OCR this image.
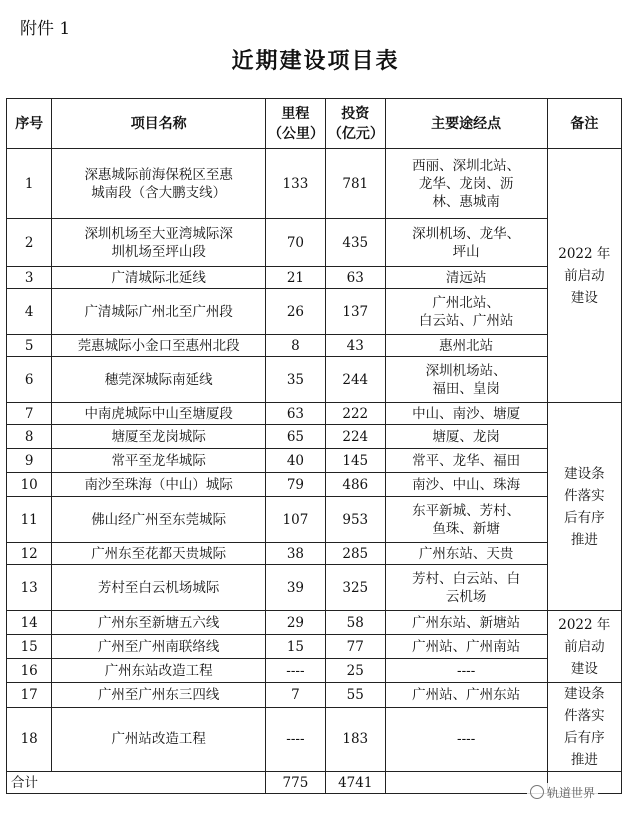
附件 1
近期建设项目表
序号	项目名称	里程
（公里）	投资
（亿元）	主要途经点	备注
1	深惠城际前海保税区至惠
城南段（含大鹏支线）	133	781	西丽、深圳北站、
龙华、龙岗、沥
林、惠城南	2022 年
前启动
建设
2	深圳机场至大亚湾城际深
圳机场至坪山段	70	435	深圳机场、龙华、
坪山	
3	广清城际北延线	21	63	清远站	
4	广清城际广州北至广州段	26	137	广州北站、
白云站、广州站	
5	莞惠城际小金口至惠州北段	8	43	惠州北站	
6	穗莞深城际南延线	35	244	深圳机场站、
福田、皇岗	
7	中南虎城际中山至塘厦段	63	222	中山、南沙、塘厦	建设条
件落实
后有序
推进
8	塘厦至龙岗城际	65	224	塘厦、龙岗	
9	常平至龙华城际	40	145	常平、龙华、福田	
10	南沙至珠海（中山）城际	79	486	南沙、中山、珠海	
11	佛山经广州至东莞城际	107	953	东平新城、芳村、
鱼珠、新塘	
12	广州东至花都天贵城际	38	285	广州东站、天贵	
13	芳村至白云机场城际	39	325	芳村、白云站、白
云机场	
14	广州东至新塘五六线	29	58	广州东站、新塘站	2022 年
前启动
建设
15	广州至广州南联络线	15	77	广州站、广州南站	
16	广州东站改造工程	----	25	----	
17	广州至广州东三四线	7	55	广州站、广州东站	建设条
件落实
后有序
推进
18	广州站改造工程	----	183	----	
合计		775	4741		
轨道世界
